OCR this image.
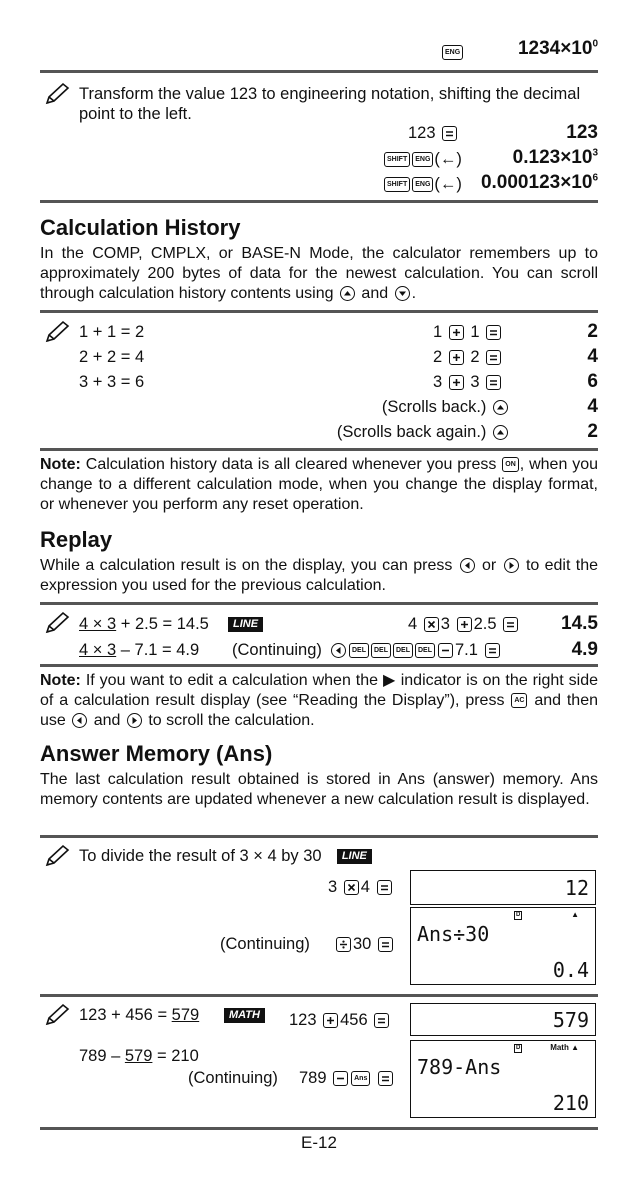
ENG	$1234\times 10^0$
Transform the value 123 to engineering notation, shifting the decimal point to the left.
123	123
SHIFT ENG (←)	$0.123\times 10^3$
SHIFT ENG (←)	$0.000123\times 10^6$
Calculation History
In the COMP, CMPLX, or BASE-N Mode, the calculator remembers up to approximately 200 bytes of data for the newest calculation. You can scroll through calculation history contents using and .
1 + 1 = 2	1 1	2
2 + 2 = 4	2 2	4
3 + 3 = 6	3 3	6
(Scrolls back.)	4
(Scrolls back again.)	2
Note: Calculation history data is all cleared whenever you press ON , when you change to a different calculation mode, when you change the display format, or whenever you perform any reset operation.
Replay
While a calculation result is on the display, you can press or to edit the expression you used for the previous calculation.
4 × 3 + 2.5 = 14.5 LINE	4 3 2.5	14.5
4 × 3 – 7.1 = 4.9 (Continuing)	DEL DEL DEL DEL 7.1	4.9
Note: If you want to edit a calculation when the ▶ indicator is on the right side of a calculation result display (see “Reading the Display”), press AC and then use and to scroll the calculation.
Answer Memory (Ans)
The last calculation result obtained is stored in Ans (answer) memory. Ans memory contents are updated whenever a new calculation result is displayed.
To divide the result of 3 × 4 by 30 LINE
3 4	12
(Continuing)	30
D	▲
Ans÷30
0.4
123 + 456 = 579	MATH	123 456	579
789 – 579 = 210
(Continuing) 789	Ans
D	Math ▲
789-Ans
210
E-12
